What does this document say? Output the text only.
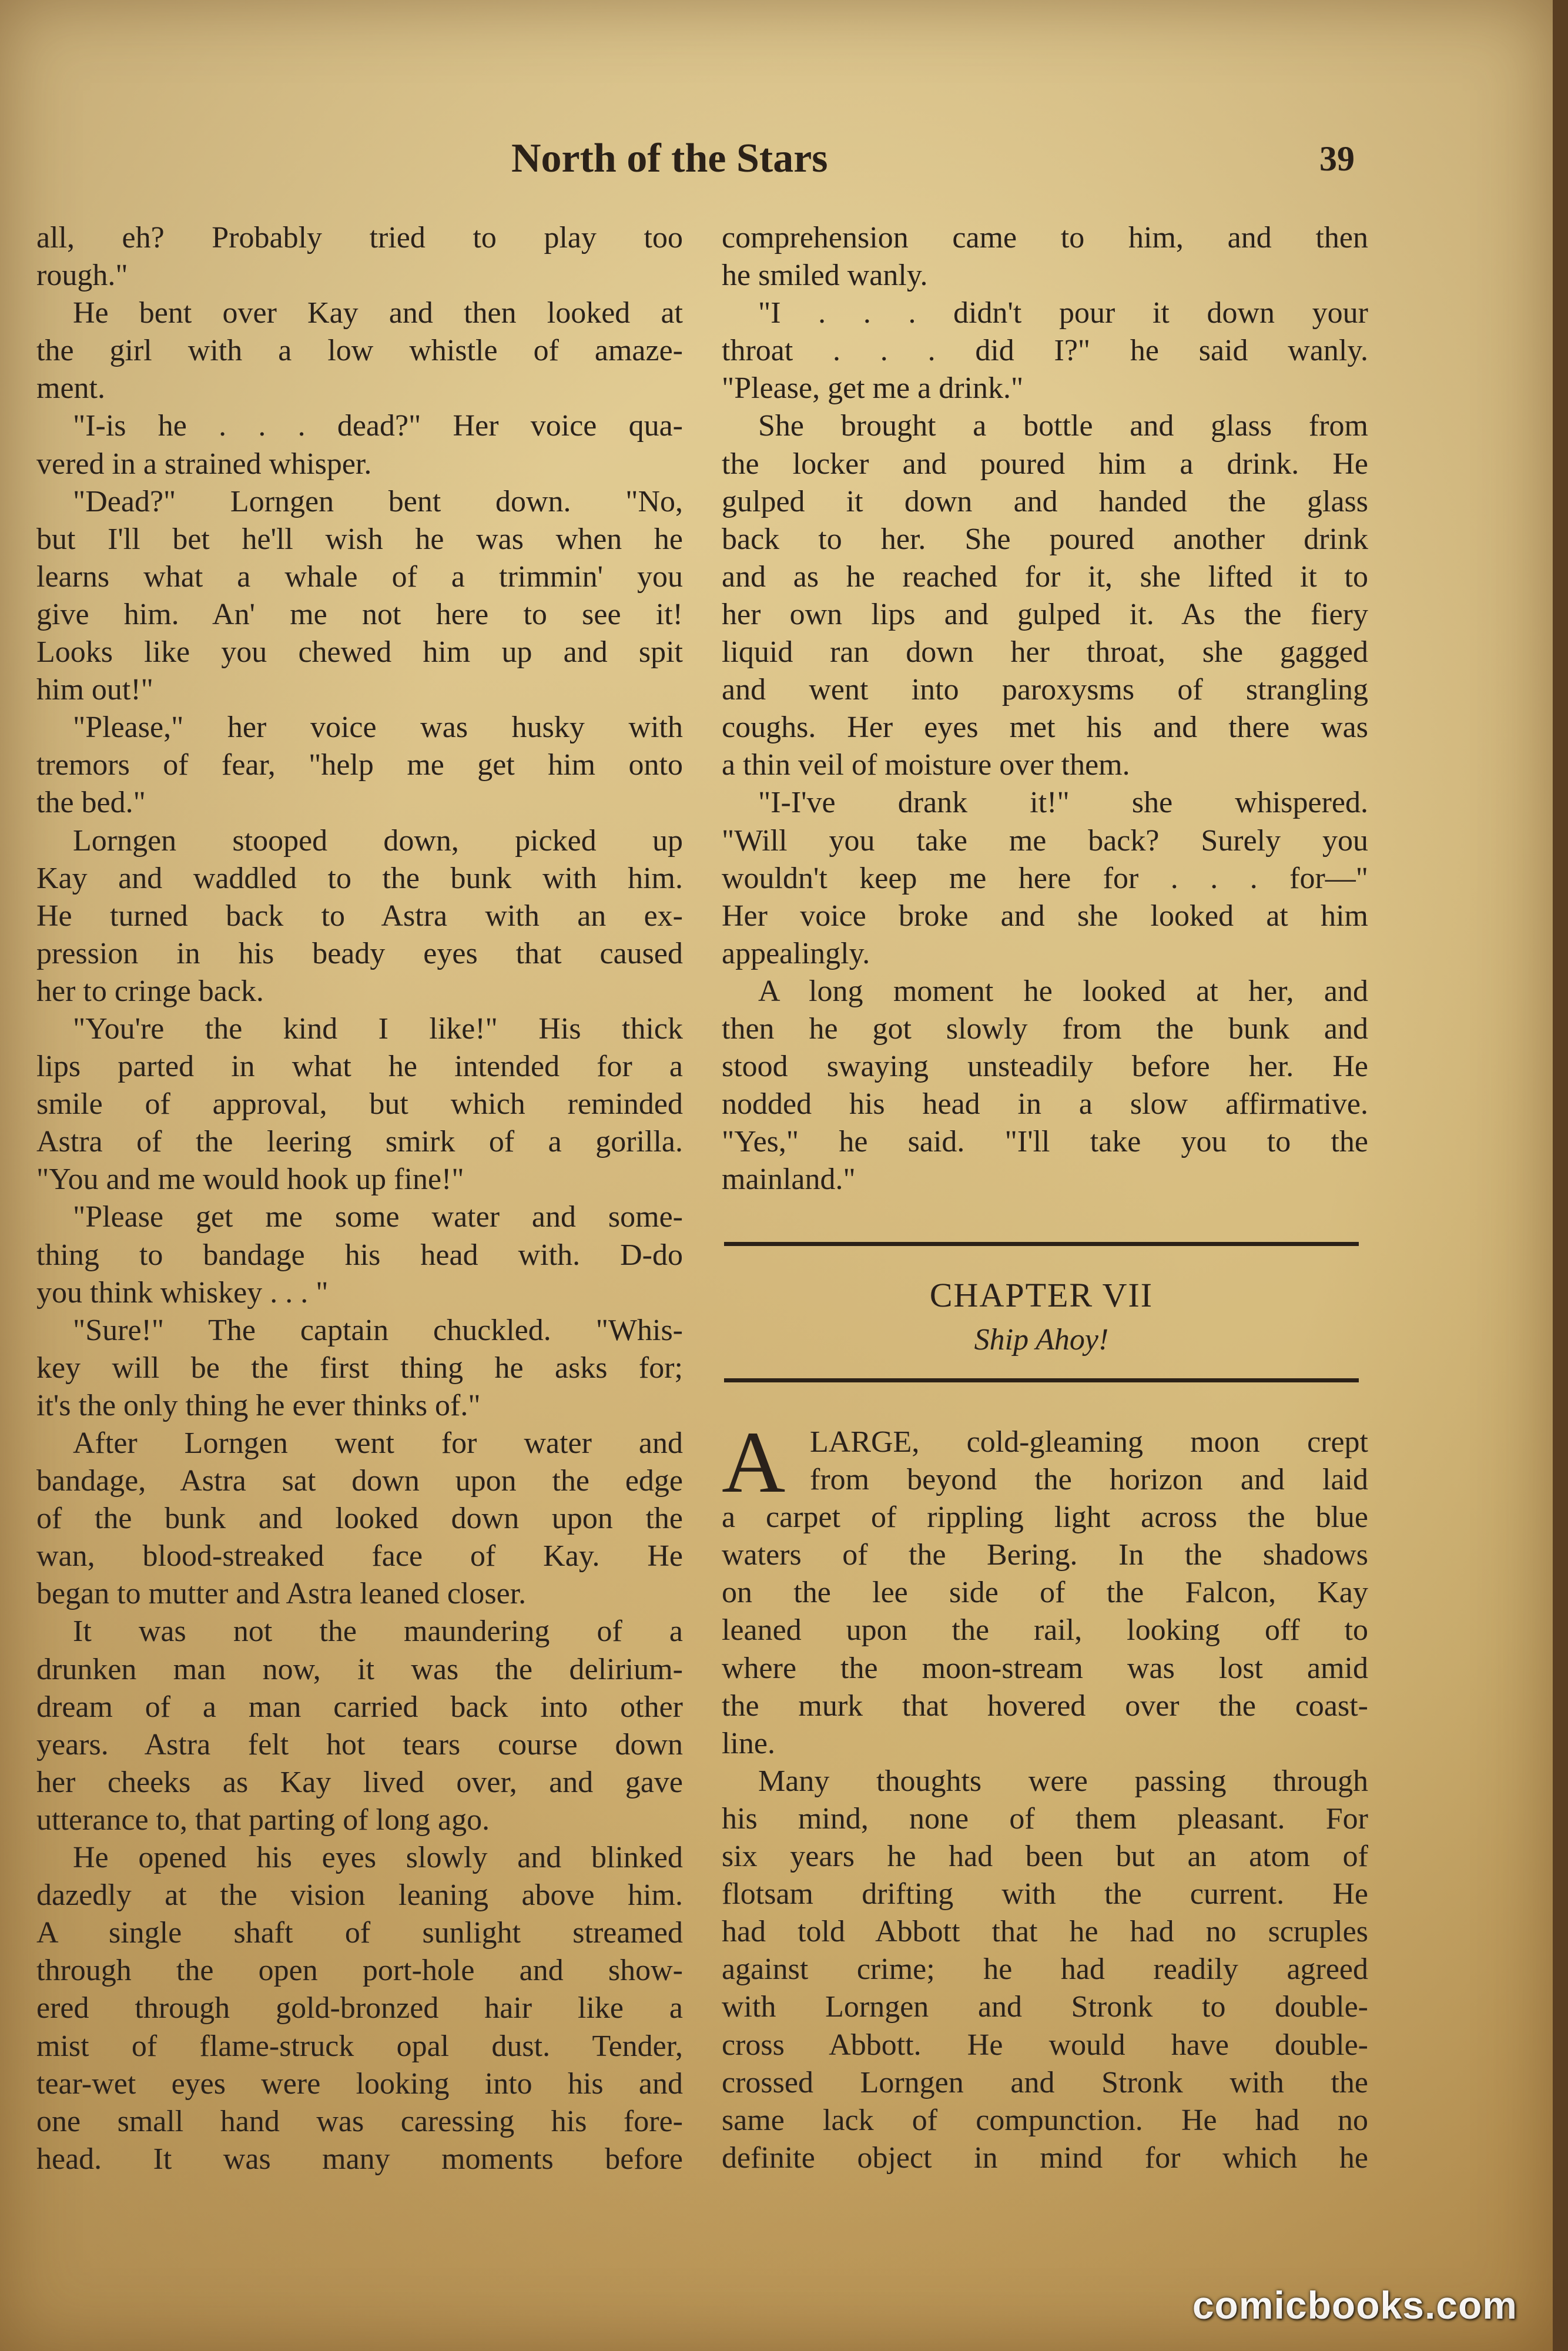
North of the Stars	39
all, eh? Probably tried to play too
rough."
He bent over Kay and then looked at
the girl with a low whistle of amaze-
ment.
"I-is he . . . dead?" Her voice qua-
vered in a strained whisper.
"Dead?" Lorngen bent down. "No,
but I'll bet he'll wish he was when he
learns what a whale of a trimmin' you
give him. An' me not here to see it!
Looks like you chewed him up and spit
him out!"
"Please," her voice was husky with
tremors of fear, "help me get him onto
the bed."
Lorngen stooped down, picked up
Kay and waddled to the bunk with him.
He turned back to Astra with an ex-
pression in his beady eyes that caused
her to cringe back.
"You're the kind I like!" His thick
lips parted in what he intended for a
smile of approval, but which reminded
Astra of the leering smirk of a gorilla.
"You and me would hook up fine!"
"Please get me some water and some-
thing to bandage his head with. D-do
you think whiskey . . . "
"Sure!" The captain chuckled. "Whis-
key will be the first thing he asks for;
it's the only thing he ever thinks of."
After Lorngen went for water and
bandage, Astra sat down upon the edge
of the bunk and looked down upon the
wan, blood-streaked face of Kay. He
began to mutter and Astra leaned closer.
It was not the maundering of a
drunken man now, it was the delirium-
dream of a man carried back into other
years. Astra felt hot tears course down
her cheeks as Kay lived over, and gave
utterance to, that parting of long ago.
He opened his eyes slowly and blinked
dazedly at the vision leaning above him.
A single shaft of sunlight streamed
through the open port-hole and show-
ered through gold-bronzed hair like a
mist of flame-struck opal dust. Tender,
tear-wet eyes were looking into his and
one small hand was caressing his fore-
head. It was many moments before
comprehension came to him, and then
he smiled wanly.
"I . . . didn't pour it down your
throat . . . did I?" he said wanly.
"Please, get me a drink."
She brought a bottle and glass from
the locker and poured him a drink. He
gulped it down and handed the glass
back to her. She poured another drink
and as he reached for it, she lifted it to
her own lips and gulped it. As the fiery
liquid ran down her throat, she gagged
and went into paroxysms of strangling
coughs. Her eyes met his and there was
a thin veil of moisture over them.
"I-I've drank it!" she whispered.
"Will you take me back? Surely you
wouldn't keep me here for . . . for—"
Her voice broke and she looked at him
appealingly.
A long moment he looked at her, and
then he got slowly from the bunk and
stood swaying unsteadily before her. He
nodded his head in a slow affirmative.
"Yes," he said. "I'll take you to the
mainland."
CHAPTER VII
Ship Ahoy!
A LARGE, cold-gleaming moon crept
from beyond the horizon and laid
a carpet of rippling light across the blue
waters of the Bering. In the shadows
on the lee side of the Falcon, Kay
leaned upon the rail, looking off to
where the moon-stream was lost amid
the murk that hovered over the coast-
line.
Many thoughts were passing through
his mind, none of them pleasant. For
six years he had been but an atom of
flotsam drifting with the current. He
had told Abbott that he had no scruples
against crime; he had readily agreed
with Lorngen and Stronk to double-
cross Abbott. He would have double-
crossed Lorngen and Stronk with the
same lack of compunction. He had no
definite object in mind for which he
comicbooks.com
